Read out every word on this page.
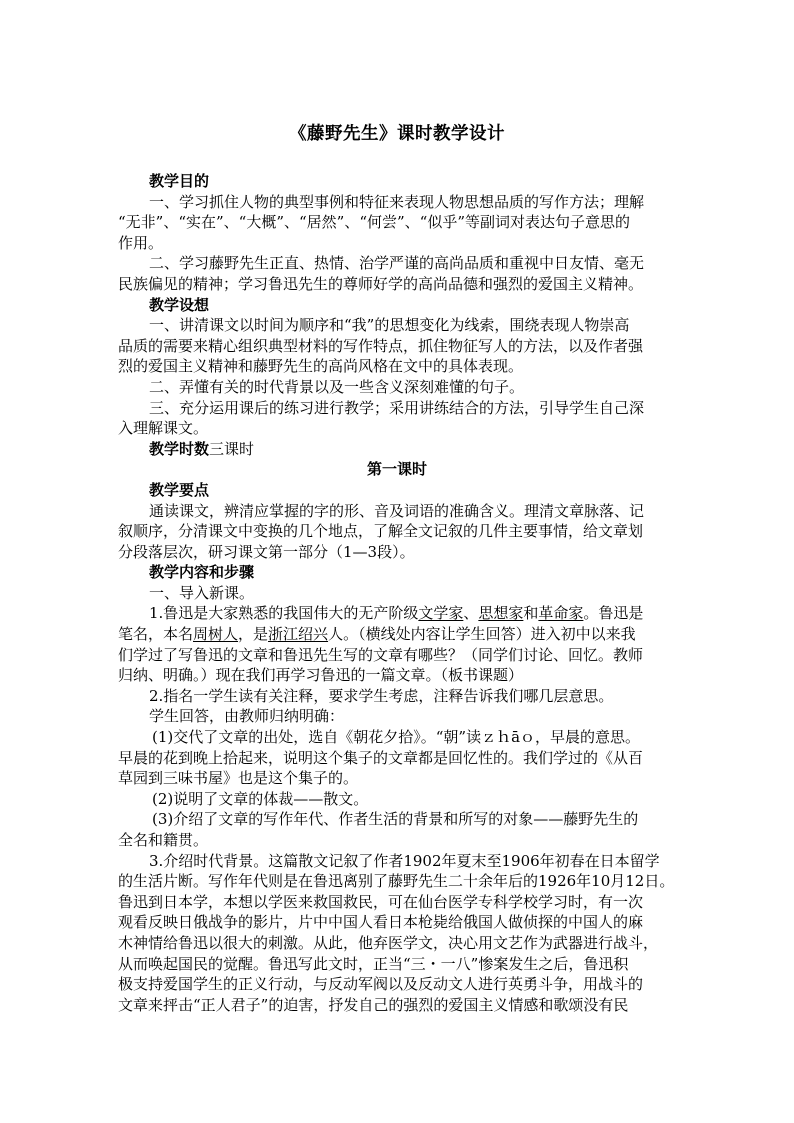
《藤野先生》课时教学设计

教学目的

一、学习抓住人物的典型事例和特征来表现人物思想品质的写作方法；理解

“无非”、“实在”、“大概”、“居然”、“何尝”、“似乎”等副词对表达句子意思的

作用。

二、学习藤野先生正直、热情、治学严谨的高尚品质和重视中日友情、毫无

民族偏见的精神；学习鲁迅先生的尊师好学的高尚品德和强烈的爱国主义精神。

教学设想

一、讲清课文以时间为顺序和“我”的思想变化为线索，围绕表现人物崇高

品质的需要来精心组织典型材料的写作特点，抓住物征写人的方法，以及作者强

烈的爱国主义精神和藤野先生的高尚风格在文中的具体表现。

二、弄懂有关的时代背景以及一些含义深刻难懂的句子。

三、充分运用课后的练习进行教学；采用讲练结合的方法，引导学生自己深

入理解课文。

教学时数三课时

第一课时

教学要点

通读课文，辨清应掌握的字的形、音及词语的准确含义。理清文章脉落、记

叙顺序，分清课文中变换的几个地点，了解全文记叙的几件主要事情，给文章划

分段落层次，研习课文第一部分（1—3段）。

教学内容和步骤

一、导入新课。

1.鲁迅是大家熟悉的我国伟大的无产阶级文学家、思想家和革命家。鲁迅是

笔名，本名周树人，是浙江绍兴人。（横线处内容让学生回答）进入初中以来我

们学过了写鲁迅的文章和鲁迅先生写的文章有哪些？（同学们讨论、回忆。教师

归纳、明确。）现在我们再学习鲁迅的一篇文章。（板书课题）

2.指名一学生读有关注释，要求学生考虑，注释告诉我们哪几层意思。

学生回答，由教师归纳明确：

(1)交代了文章的出处，选自《朝花夕拾》。“朝”读ｚｈāｏ，早晨的意思。

早晨的花到晚上拾起来，说明这个集子的文章都是回忆性的。我们学过的《从百

草园到三味书屋》也是这个集子的。

(2)说明了文章的体裁——散文。

(3)介绍了文章的写作年代、作者生活的背景和所写的对象——藤野先生的

全名和籍贯。

3.介绍时代背景。这篇散文记叙了作者1902年夏末至1906年初春在日本留学

的生活片断。写作年代则是在鲁迅离别了藤野先生二十余年后的1926年10月12日。

鲁迅到日本学，本想以学医来救国救民，可在仙台医学专科学校学习时，有一次

观看反映日俄战争的影片，片中中国人看日本枪毙给俄国人做侦探的中国人的麻

木神情给鲁迅以很大的刺激。从此，他弃医学文，决心用文艺作为武器进行战斗，

从而唤起国民的觉醒。鲁迅写此文时，正当“三・一八”惨案发生之后，鲁迅积

极支持爱国学生的正义行动，与反动军阀以及反动文人进行英勇斗争，用战斗的

文章来抨击“正人君子”的迫害，抒发自己的强烈的爱国主义情感和歌颂没有民
